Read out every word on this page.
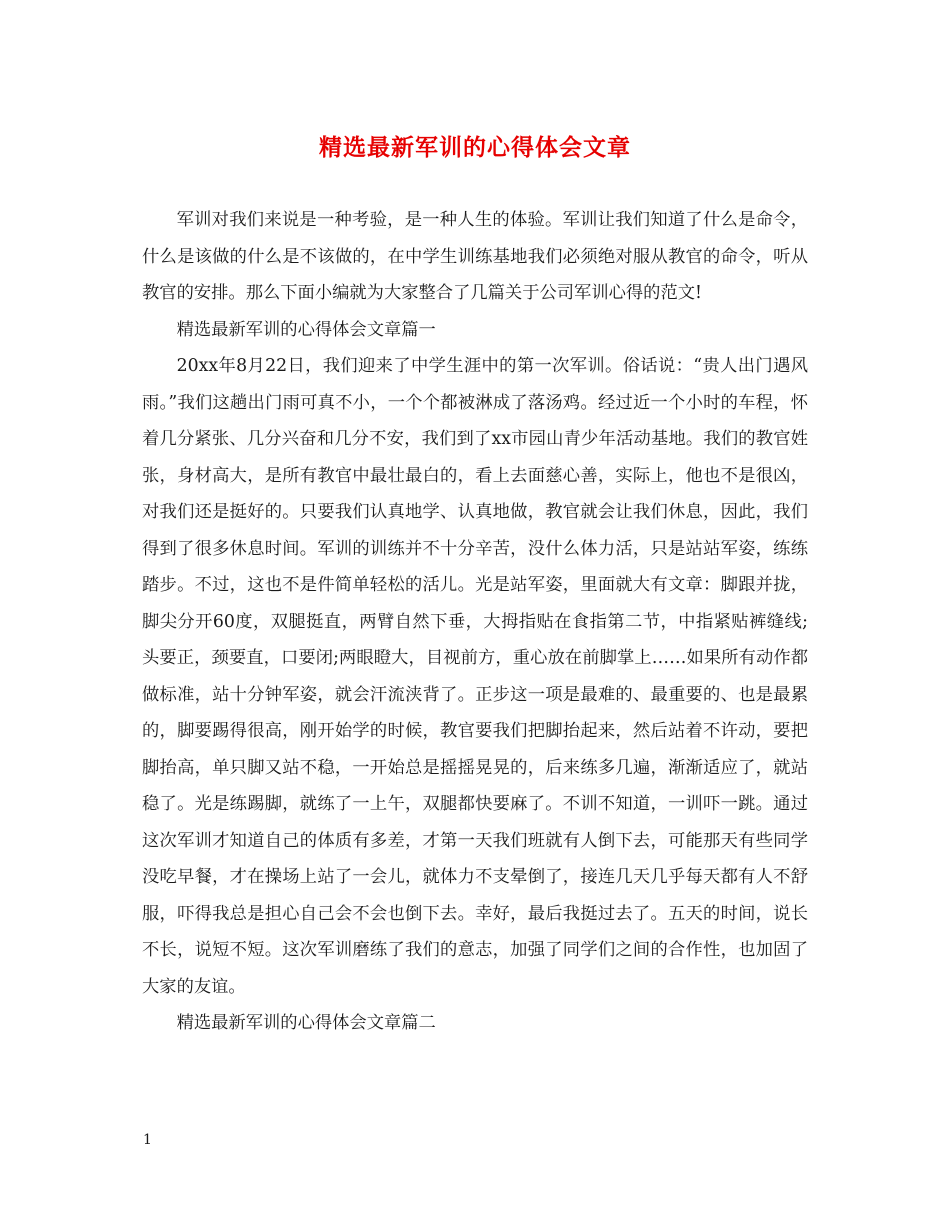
精选最新军训的心得体会文章

军训对我们来说是一种考验，是一种人生的体验。军训让我们知道了什么是命令，什么是该做的什么是不该做的，在中学生训练基地我们必须绝对服从教官的命令，听从教官的安排。那么下面小编就为大家整合了几篇关于公司军训心得的范文!

精选最新军训的心得体会文章篇一

20xx年8月22日，我们迎来了中学生涯中的第一次军训。俗话说：“贵人出门遇风雨。”我们这趟出门雨可真不小，一个个都被淋成了落汤鸡。经过近一个小时的车程，怀着几分紧张、几分兴奋和几分不安，我们到了xx市园山青少年活动基地。我们的教官姓张，身材高大，是所有教官中最壮最白的，看上去面慈心善，实际上，他也不是很凶，对我们还是挺好的。只要我们认真地学、认真地做，教官就会让我们休息，因此，我们得到了很多休息时间。军训的训练并不十分辛苦，没什么体力活，只是站站军姿，练练踏步。不过，这也不是件简单轻松的活儿。光是站军姿，里面就大有文章：脚跟并拢，脚尖分开60度，双腿挺直，两臂自然下垂，大拇指贴在食指第二节，中指紧贴裤缝线;头要正，颈要直，口要闭;两眼瞪大，目视前方，重心放在前脚掌上……如果所有动作都做标准，站十分钟军姿，就会汗流浃背了。正步这一项是最难的、最重要的、也是最累的，脚要踢得很高，刚开始学的时候，教官要我们把脚抬起来，然后站着不许动，要把脚抬高，单只脚又站不稳，一开始总是摇摇晃晃的，后来练多几遍，渐渐适应了，就站稳了。光是练踢脚，就练了一上午，双腿都快要麻了。不训不知道，一训吓一跳。通过这次军训才知道自己的体质有多差，才第一天我们班就有人倒下去，可能那天有些同学没吃早餐，才在操场上站了一会儿，就体力不支晕倒了，接连几天几乎每天都有人不舒服，吓得我总是担心自己会不会也倒下去。幸好，最后我挺过去了。五天的时间，说长不长，说短不短。这次军训磨练了我们的意志，加强了同学们之间的合作性，也加固了大家的友谊。

精选最新军训的心得体会文章篇二

1
